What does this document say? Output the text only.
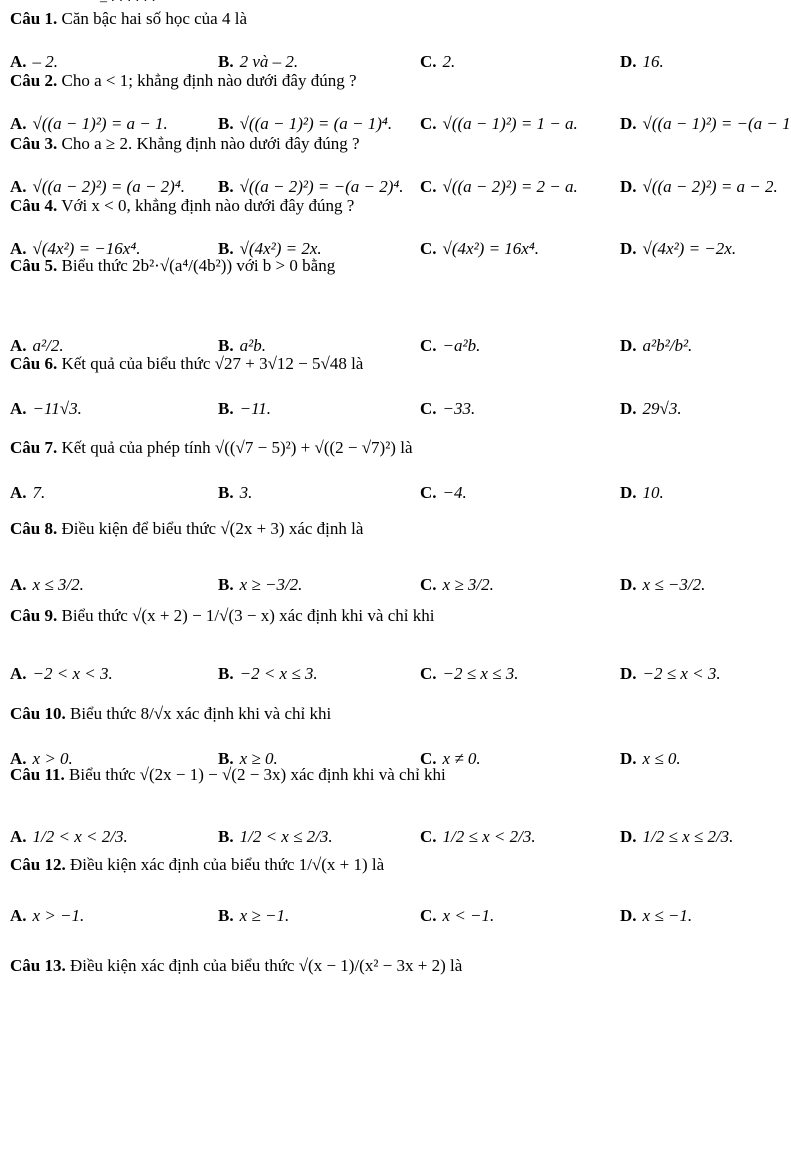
– · · · · · ·
Câu 1. Căn bậc hai số học của 4 là
A. – 2.	B. 2 và – 2.	C. 2.	D. 16.
Câu 2. Cho a < 1; khẳng định nào dưới đây đúng ?
A. √((a − 1)²) = a − 1.	B. √((a − 1)²) = (a − 1)⁴. C. √((a − 1)²) = 1 − a. D. √((a − 1)²) = −(a − 1
Câu 3. Cho a ≥ 2. Khẳng định nào dưới đây đúng ?
A. √((a − 2)²) = (a − 2)⁴. B. √((a − 2)²) = −(a − 2)⁴. C. √((a − 2)²) = 2 − a. D. √((a − 2)²) = a − 2.
Câu 4. Với x < 0, khẳng định nào dưới đây đúng ?
A. √(4x²) = −16x⁴.	B. √(4x²) = 2x.	C. √(4x²) = 16x⁴.	D. √(4x²) = −2x.
Câu 5. Biểu thức 2b²·√(a⁴/(4b²)) với b > 0 bằng
A. a²/2.	B. a²b.	C. −a²b.	D. a²b²/b².
Câu 6. Kết quả của biểu thức √27 + 3√12 − 5√48 là
A. −11√3.	B. −11.	C. −33.	D. 29√3.
Câu 7. Kết quả của phép tính √((√7 − 5)²) + √((2 − √7)²) là
A. 7.	B. 3.	C. −4.	D. 10.
Câu 8. Điều kiện để biểu thức √(2x + 3) xác định là
A. x ≤ 3/2.	B. x ≥ −3/2.	C. x ≥ 3/2.	D. x ≤ −3/2.
Câu 9. Biểu thức √(x + 2) − 1/√(3 − x) xác định khi và chỉ khi
A. −2 < x < 3.	B. −2 < x ≤ 3.	C. −2 ≤ x ≤ 3.	D. −2 ≤ x < 3.
Câu 10. Biểu thức 8/√x xác định khi và chỉ khi
A. x > 0.	B. x ≥ 0.	C. x ≠ 0.	D. x ≤ 0.
Câu 11. Biểu thức √(2x − 1) − √(2 − 3x) xác định khi và chỉ khi
A. 1/2 < x < 2/3.	B. 1/2 < x ≤ 2/3.	C. 1/2 ≤ x < 2/3.	D. 1/2 ≤ x ≤ 2/3.
Câu 12. Điều kiện xác định của biểu thức 1/√(x + 1) là
A. x > −1.	B. x ≥ −1.	C. x < −1.	D. x ≤ −1.
Câu 13. Điều kiện xác định của biểu thức √(x − 1)/(x² − 3x + 2) là
